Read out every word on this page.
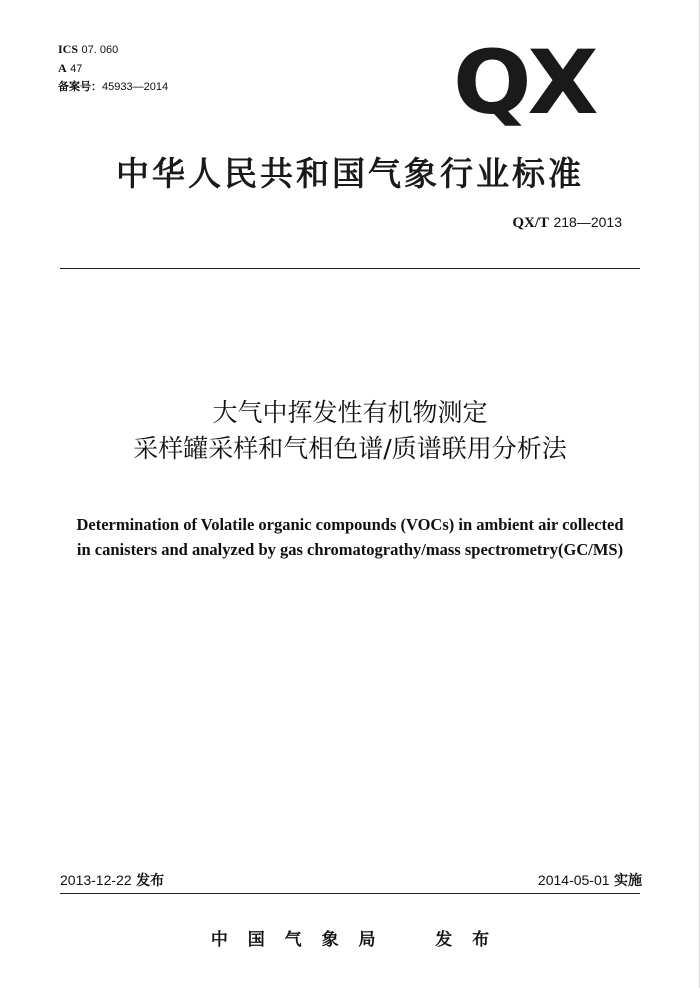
ICS 07. 060
A 47
备案号：45933—2014	QX
中华人民共和国气象行业标准
QX/T 218—2013
大气中挥发性有机物测定
采样罐采样和气相色谱/质谱联用分析法
Determination of Volatile organic compounds (VOCs) in ambient air collected
in canisters and analyzed by gas chromatograthy/mass spectrometry(GC/MS)
2013-12-22 发布	2014-05-01 实施
中 国 气 象 局   发 布
